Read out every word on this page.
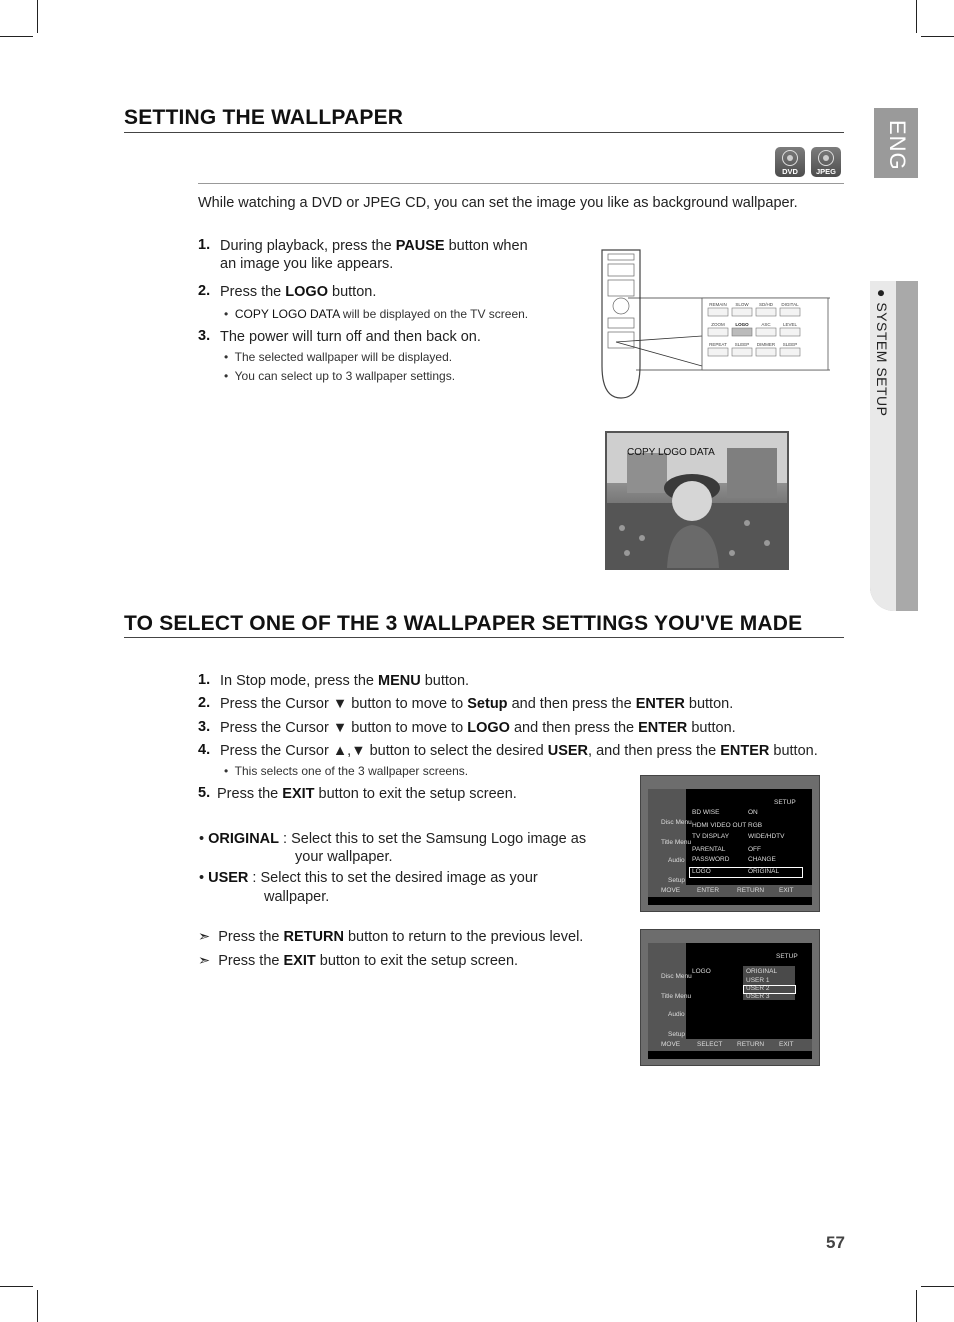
ENG
● SYSTEM SETUP
SETTING THE WALLPAPER
DVD	JPEG
While watching a DVD or JPEG CD, you can set the image you like as background wallpaper.
1. During playback, press the PAUSE button when
an image you like appears.
2. Press the LOGO button.
•  COPY LOGO DATA will be displayed on the TV screen.
3. The power will turn off and then back on.
•  The selected wallpaper will be displayed.
•  You can select up to 3 wallpaper settings.
REMAIN SLOW SD/HD DIGITAL
ZOOM LOGO	ASC	LEVEL
REPEAT SLEEP DIMMER SLEEP
COPY LOGO DATA
TO SELECT ONE OF THE 3 WALLPAPER SETTINGS YOU'VE MADE
1. In Stop mode, press the MENU button.
2. Press the Cursor ▼ button to move to Setup and then press the ENTER button.
3. Press the Cursor ▼ button to move to LOGO and then press the ENTER button.
4. Press the Cursor ▲,▼ button to select the desired USER, and then press the ENTER button.
•  This selects one of the 3 wallpaper screens.
5. Press the EXIT button to exit the setup screen.
• ORIGINAL : Select this to set the Samsung Logo image as
your wallpaper.
• USER : Select this to set the desired image as your
wallpaper.
➣ Press the RETURN button to return to the previous level.
➣ Press the EXIT button to exit the setup screen.
SETUP
Disc Menu
Title Menu
Audio
Setup
BD WISE	ON
HDMI VIDEO OUT RGB
TV DISPLAY	WIDE/HDTV
PARENTAL	OFF
PASSWORD	CHANGE
LOGO	ORIGINAL
MOVE	ENTER	RETURN EXIT
SETUP
Disc Menu
Title Menu
Audio
Setup
LOGO	ORIGINAL
USER 1
USER 2
USER 3
MOVE	SELECT RETURN EXIT
57
